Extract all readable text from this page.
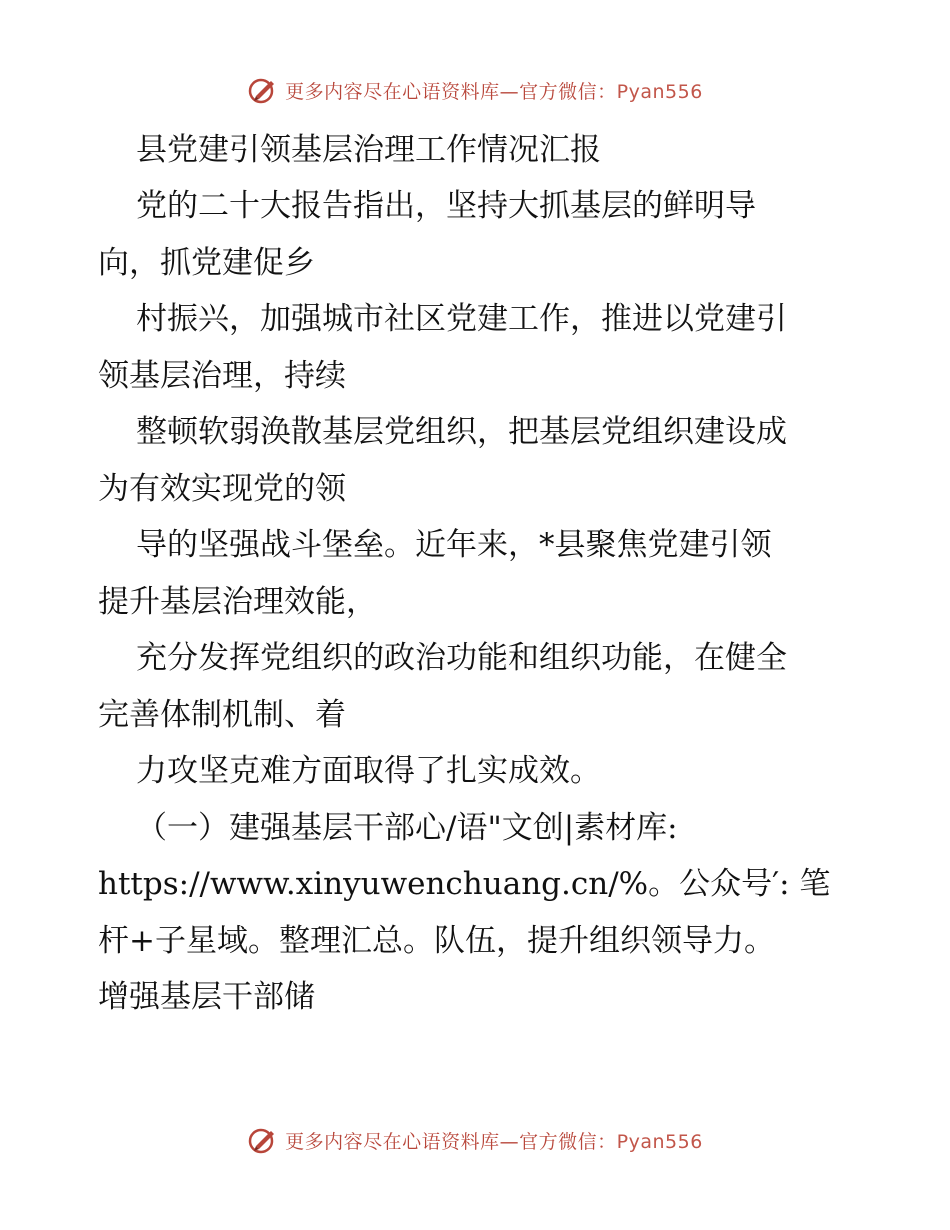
更多内容尽在心语资料库—官方微信：Pyan556
县党建引领基层治理工作情况汇报
党的二十大报告指出，坚持大抓基层的鲜明导
向，抓党建促乡
村振兴，加强城市社区党建工作，推进以党建引
领基层治理，持续
整顿软弱涣散基层党组织，把基层党组织建设成
为有效实现党的领
导的坚强战斗堡垒。近年来，*县聚焦党建引领
提升基层治理效能，
充分发挥党组织的政治功能和组织功能，在健全
完善体制机制、着
力攻坚克难方面取得了扎实成效。
（一）建强基层干部心/语"文创|素材库:
https://www.xinyuwenchuang.cn/%。公众号′: 笔
杆+子星域。整理汇总。队伍，提升组织领导力。
增强基层干部储
更多内容尽在心语资料库—官方微信：Pyan556
